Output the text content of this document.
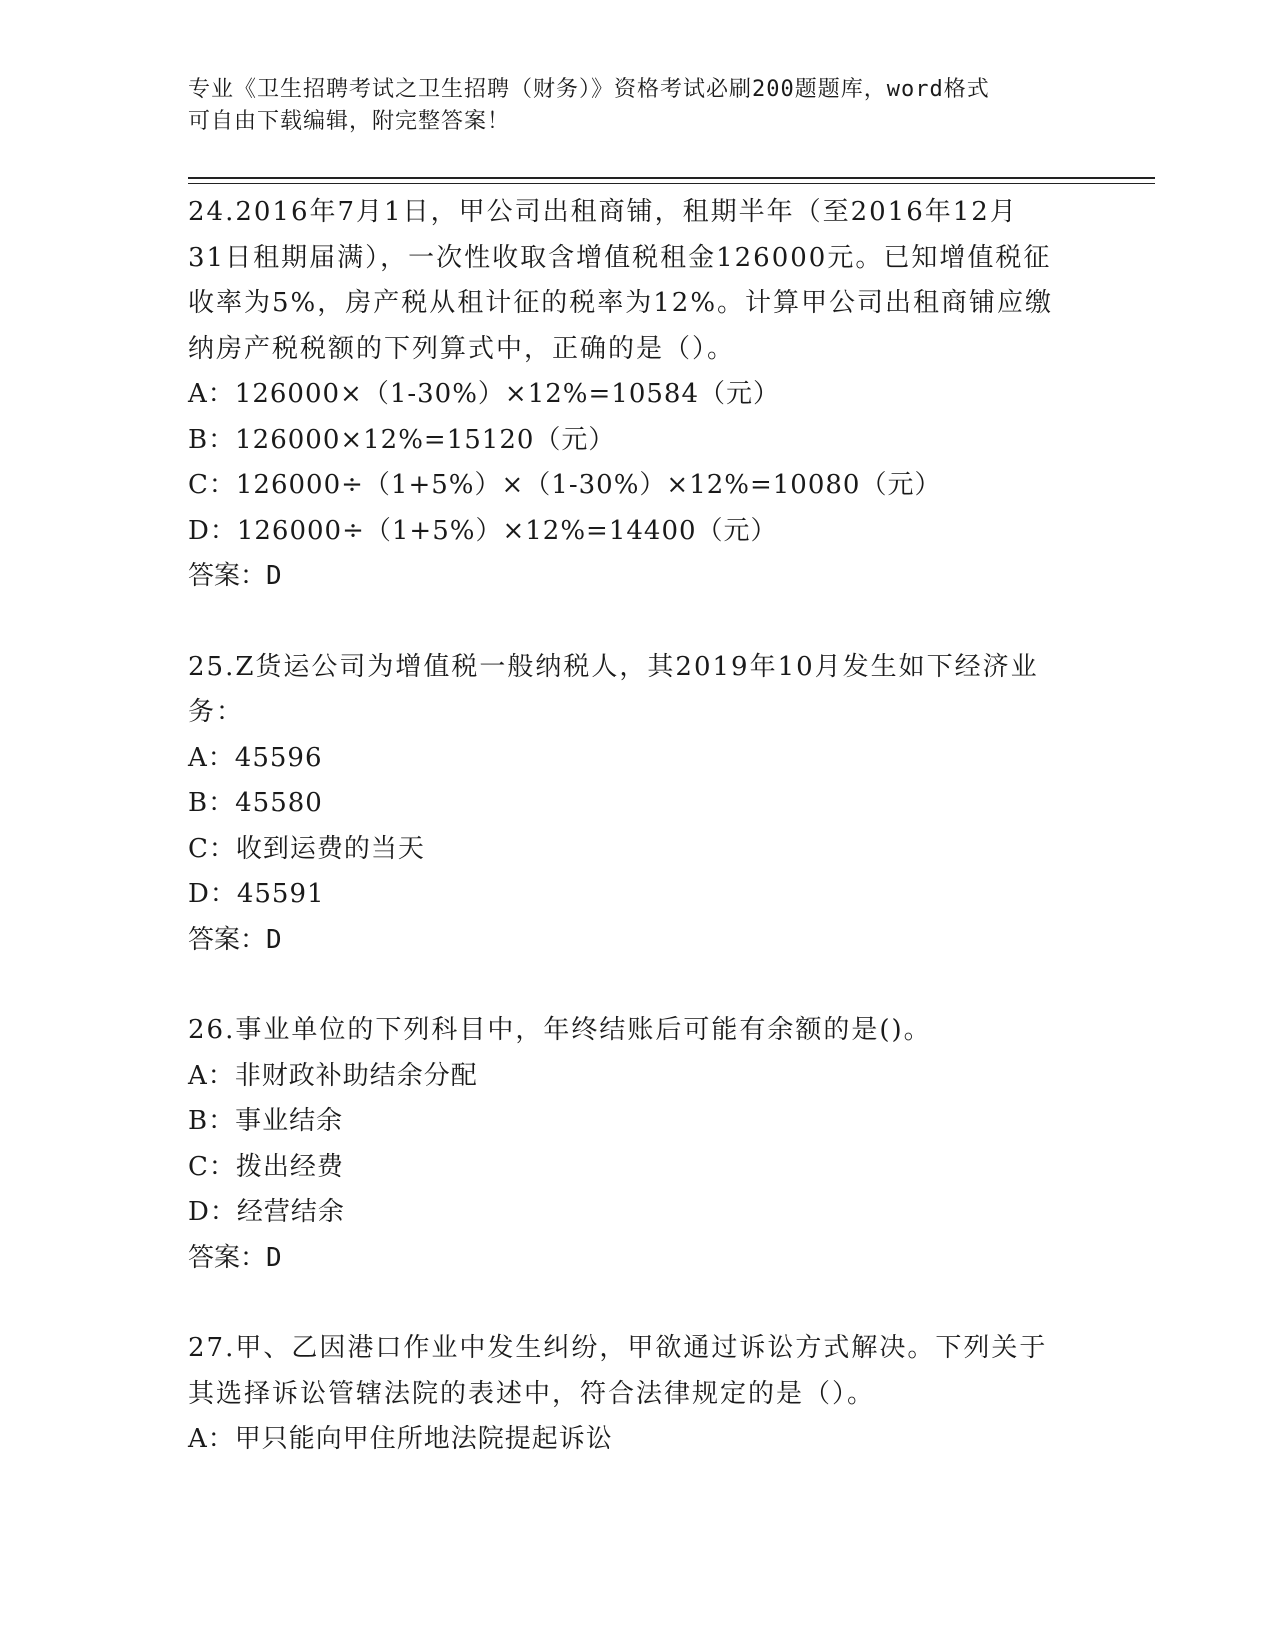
专业《卫生招聘考试之卫生招聘（财务）》资格考试必刷200题题库，word格式
可自由下载编辑，附完整答案！
24.2016年7月1日，甲公司出租商铺，租期半年（至2016年12月
31日租期届满），一次性收取含增值税租金126000元。已知增值税征
收率为5%，房产税从租计征的税率为12%。计算甲公司出租商铺应缴
纳房产税税额的下列算式中，正确的是（）。
A：126000×（1-30%）×12%=10584（元）
B：126000×12%=15120（元）
C：126000÷（1+5%）×（1-30%）×12%=10080（元）
D：126000÷（1+5%）×12%=14400（元）
答案：D
25.Z货运公司为增值税一般纳税人，其2019年10月发生如下经济业
务：
A：45596
B：45580
C：收到运费的当天
D：45591
答案：D
26.事业单位的下列科目中，年终结账后可能有余额的是()。
A：非财政补助结余分配
B：事业结余
C：拨出经费
D：经营结余
答案：D
27.甲、乙因港口作业中发生纠纷，甲欲通过诉讼方式解决。下列关于
其选择诉讼管辖法院的表述中，符合法律规定的是（）。
A：甲只能向甲住所地法院提起诉讼
